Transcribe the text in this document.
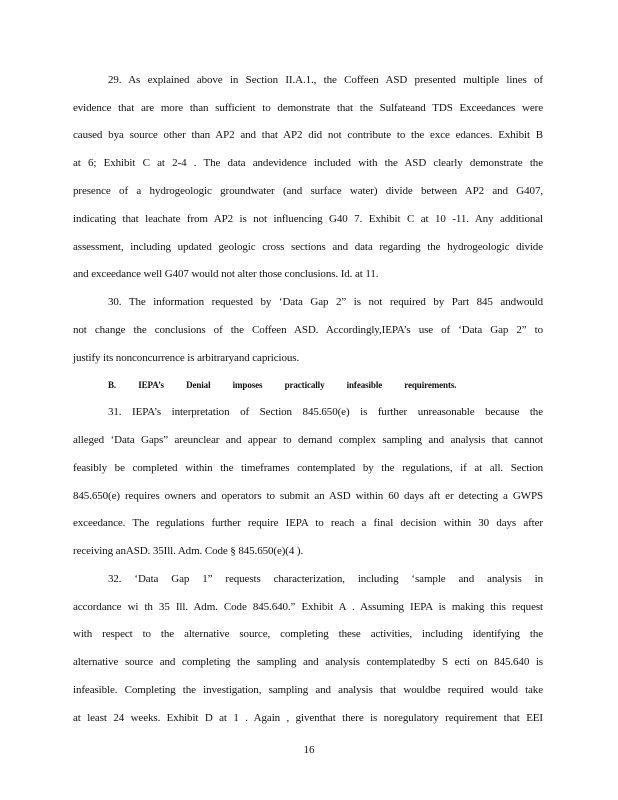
29. As explained above in Section II.A.1., the Coffeen ASD presented multiple lines of
evidence that are more than sufficient to demonstrate that the Sulfateand TDS Exceedances were
caused bya source other than AP2 and that AP2 did not contribute to the exce edances. Exhibit B
at 6; Exhibit C at 2-4 . The data andevidence included with the ASD clearly demonstrate the
presence of a hydrogeologic groundwater (and surface water) divide between AP2 and G407,
indicating that leachate from AP2 is not influencing G40 7. Exhibit C at 10 -11. Any additional
assessment, including updated geologic cross sections and data regarding the hydrogeologic divide
and exceedance well G407 would not alter those conclusions. Id. at 11.
30. The information requested by ‘Data Gap 2” is not required by Part 845 andwould
not change the conclusions of the Coffeen ASD. Accordingly,IEPA’s use of ‘Data Gap 2” to
justify its nonconcurrence is arbitraryand capricious.
B. IEPA’s Denial imposes practically infeasible requirements.
31. IEPA’s interpretation of Section 845.650(e) is further unreasonable because the
alleged ‘Data Gaps” areunclear and appear to demand complex sampling and analysis that cannot
feasibly be completed within the timeframes contemplated by the regulations, if at all. Section
845.650(e) requires owners and operators to submit an ASD within 60 days aft er detecting a GWPS
exceedance. The regulations further require IEPA to reach a final decision within 30 days after
receiving anASD. 35Ill. Adm. Code § 845.650(e)(4 ).
32. ‘Data Gap 1” requests characterization, including ‘sample and analysis in
accordance wi th 35 Ill. Adm. Code 845.640.” Exhibit A . Assuming IEPA is making this request
with respect to the alternative source, completing these activities, including identifying the
alternative source and completing the sampling and analysis contemplatedby S ecti on 845.640 is
infeasible. Completing the investigation, sampling and analysis that wouldbe required would take
at least 24 weeks. Exhibit D at 1 . Again , giventhat there is noregulatory requirement that EEI
16
